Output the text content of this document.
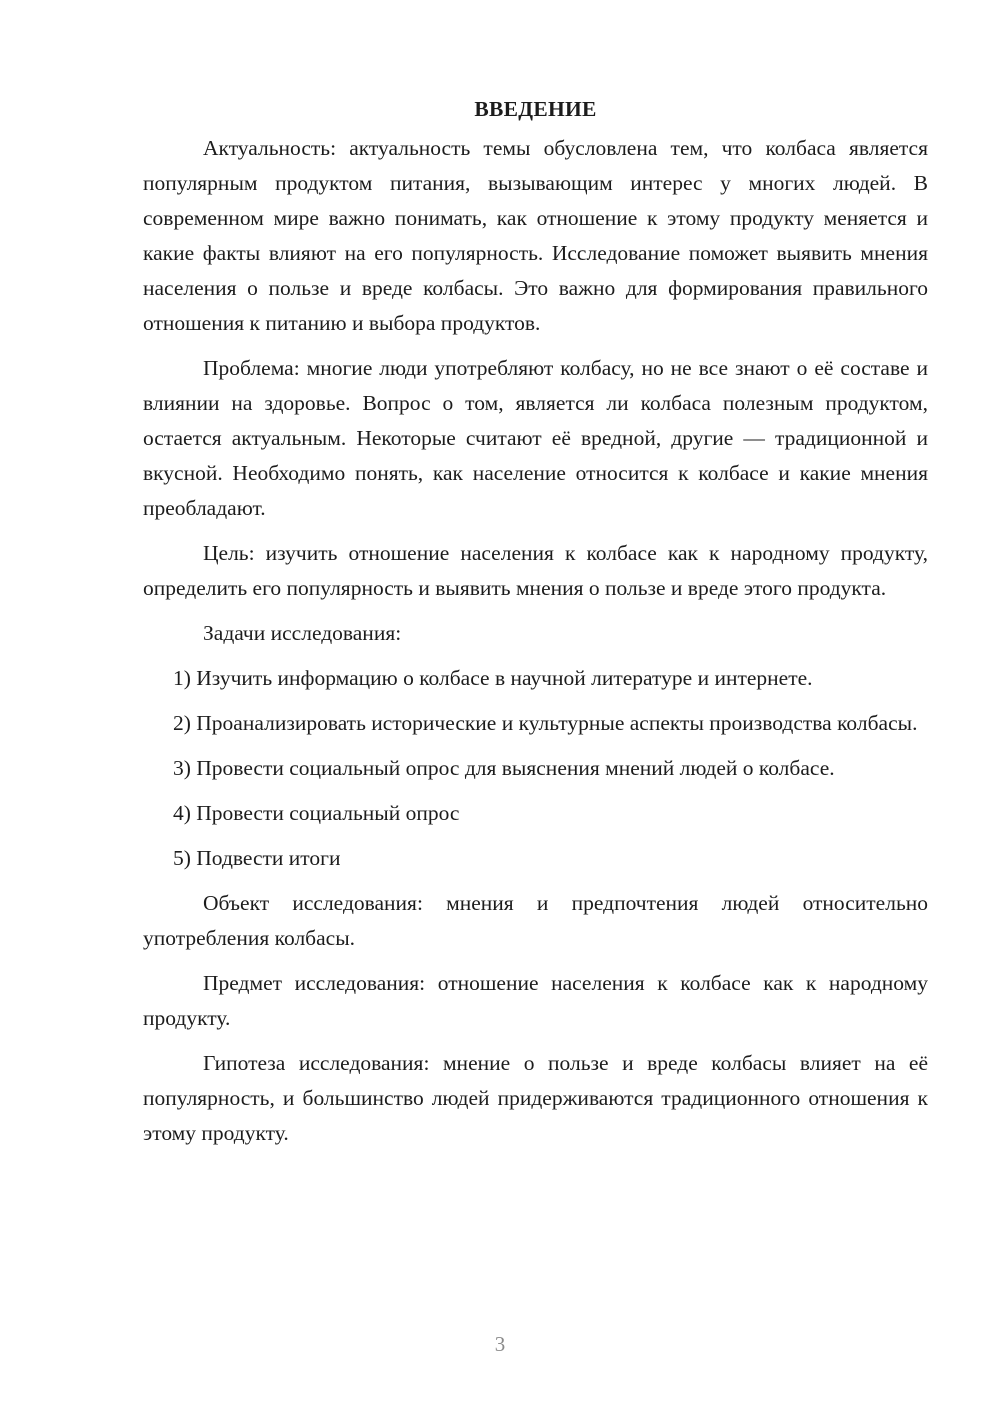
ВВЕДЕНИЕ

Актуальность: актуальность темы обусловлена тем, что колбаса является популярным продуктом питания, вызывающим интерес у многих людей. В современном мире важно понимать, как отношение к этому продукту меняется и какие факты влияют на его популярность. Исследование поможет выявить мнения населения о пользе и вреде колбасы. Это важно для формирования правильного отношения к питанию и выбора продуктов.

Проблема: многие люди употребляют колбасу, но не все знают о её составе и влиянии на здоровье. Вопрос о том, является ли колбаса полезным продуктом, остается актуальным. Некоторые считают её вредной, другие — традиционной и вкусной. Необходимо понять, как население относится к колбасе и какие мнения преобладают.

Цель: изучить отношение населения к колбасе как к народному продукту, определить его популярность и выявить мнения о пользе и вреде этого продукта.

Задачи исследования:

1) Изучить информацию о колбасе в научной литературе и интернете.

2) Проанализировать исторические и культурные аспекты производства колбасы.

3) Провести социальный опрос для выяснения мнений людей о колбасе.

4) Провести социальный опрос

5) Подвести итоги

Объект исследования: мнения и предпочтения людей относительно употребления колбасы.

Предмет исследования: отношение населения к колбасе как к народному продукту.

Гипотеза исследования: мнение о пользе и вреде колбасы влияет на её популярность, и большинство людей придерживаются традиционного отношения к этому продукту.

3
